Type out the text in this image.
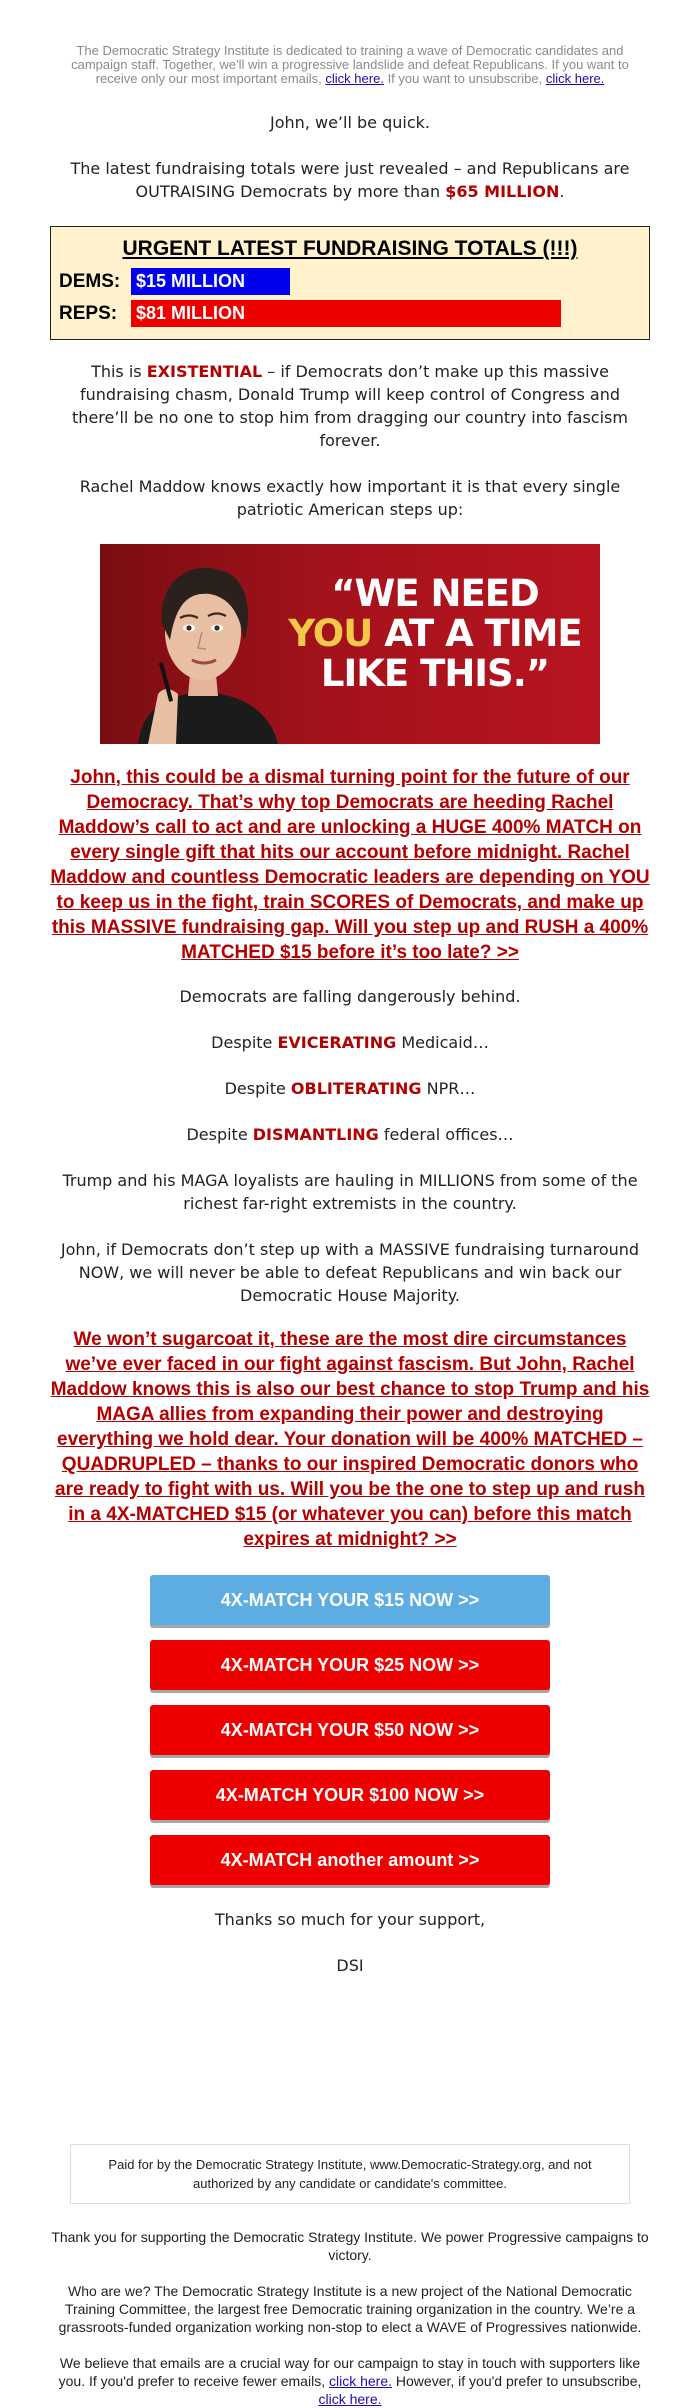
The Democratic Strategy Institute is dedicated to training a wave of Democratic candidates and campaign staff. Together, we'll win a progressive landslide and defeat Republicans. If you want to receive only our most important emails, click here. If you want to unsubscribe, click here.

John, we’ll be quick.

The latest fundraising totals were just revealed – and Republicans are OUTRAISING Democrats by more than $65 MILLION.

URGENT LATEST FUNDRAISING TOTALS (!!!)
DEMS: $15 MILLION
REPS:	$81 MILLION

This is EXISTENTIAL – if Democrats don’t make up this massive fundraising chasm, Donald Trump will keep control of Congress and there’ll be no one to stop him from dragging our country into fascism forever.

Rachel Maddow knows exactly how important it is that every single patriotic American steps up:

“WE NEED
YOU AT A TIME
LIKE THIS.”

John, this could be a dismal turning point for the future of our Democracy. That’s why top Democrats are heeding Rachel Maddow’s call to act and are unlocking a HUGE 400% MATCH on every single gift that hits our account before midnight. Rachel Maddow and countless Democratic leaders are depending on YOU to keep us in the fight, train SCORES of Democrats, and make up this MASSIVE fundraising gap. Will you step up and RUSH a 400% MATCHED $15 before it’s too late? >>

Democrats are falling dangerously behind.

Despite EVICERATING Medicaid…

Despite OBLITERATING NPR…

Despite DISMANTLING federal offices…

Trump and his MAGA loyalists are hauling in MILLIONS from some of the richest far-right extremists in the country.

John, if Democrats don’t step up with a MASSIVE fundraising turnaround NOW, we will never be able to defeat Republicans and win back our Democratic House Majority.

We won’t sugarcoat it, these are the most dire circumstances we’ve ever faced in our fight against fascism. But John, Rachel Maddow knows this is also our best chance to stop Trump and his MAGA allies from expanding their power and destroying everything we hold dear. Your donation will be 400% MATCHED – QUADRUPLED – thanks to our inspired Democratic donors who are ready to fight with us. Will you be the one to step up and rush in a 4X-MATCHED $15 (or whatever you can) before this match expires at midnight? >>

4X-MATCH YOUR $15 NOW >>
4X-MATCH YOUR $25 NOW >>
4X-MATCH YOUR $50 NOW >>
4X-MATCH YOUR $100 NOW >>
4X-MATCH another amount >>

Thanks so much for your support,

DSI

Paid for by the Democratic Strategy Institute, www.Democratic-Strategy.org, and not authorized by any candidate or candidate's committee.

Thank you for supporting the Democratic Strategy Institute. We power Progressive campaigns to victory.

Who are we? The Democratic Strategy Institute is a new project of the National Democratic Training Committee, the largest free Democratic training organization in the country. We’re a grassroots-funded organization working non-stop to elect a WAVE of Progressives nationwide.

We believe that emails are a crucial way for our campaign to stay in touch with supporters like you. If you'd prefer to receive fewer emails, click here. However, if you'd prefer to unsubscribe, click here.
